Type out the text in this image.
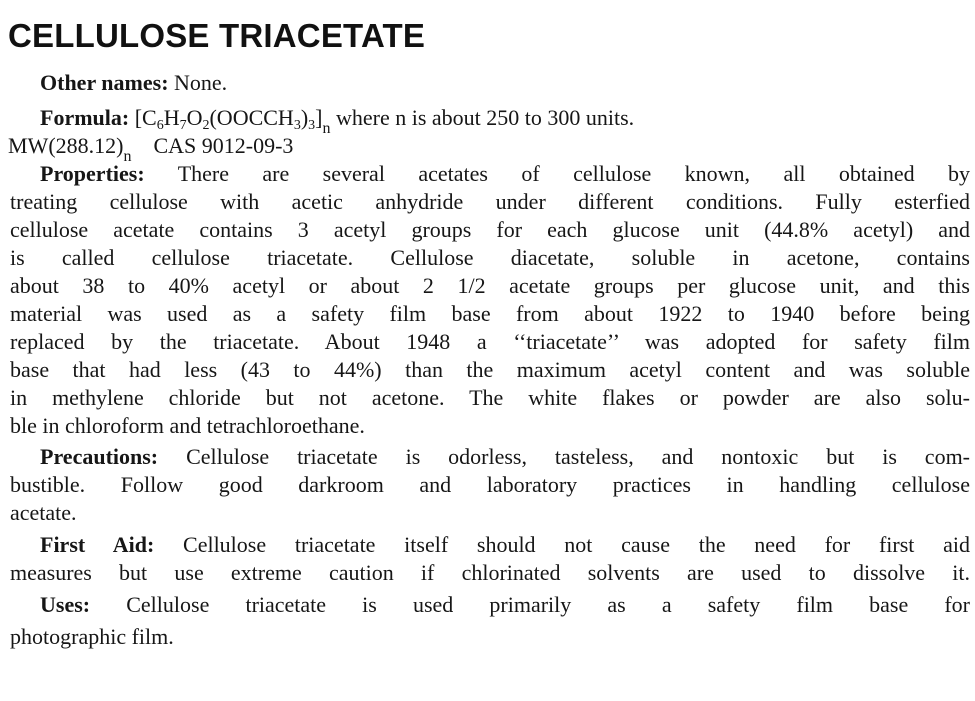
CELLULOSE TRIACETATE
Other names: None.
Formula: $[C_6H_7O_2(OOCCH_3)_3]_n$ where n is about 250 to 300 units.
$MW(288.12)_n$ CAS 9012-09-3
Properties: There are several acetates of cellulose known, all obtained by
treating cellulose with acetic anhydride under different conditions. Fully esterfied
cellulose acetate contains 3 acetyl groups for each glucose unit (44.8% acetyl) and
is called cellulose triacetate. Cellulose diacetate, soluble in acetone, contains
about 38 to 40% acetyl or about 2 1/2 acetate groups per glucose unit, and this
material was used as a safety film base from about 1922 to 1940 before being
replaced by the triacetate. About 1948 a ‘‘triacetate’’ was adopted for safety film
base that had less (43 to 44%) than the maximum acetyl content and was soluble
in methylene chloride but not acetone. The white flakes or powder are also solu-
ble in chloroform and tetrachloroethane.
Precautions: Cellulose triacetate is odorless, tasteless, and nontoxic but is com-
bustible. Follow good darkroom and laboratory practices in handling cellulose
acetate.
First Aid: Cellulose triacetate itself should not cause the need for first aid
measures but use extreme caution if chlorinated solvents are used to dissolve it.
Uses: Cellulose triacetate is used primarily as a safety film base for
photographic film.
